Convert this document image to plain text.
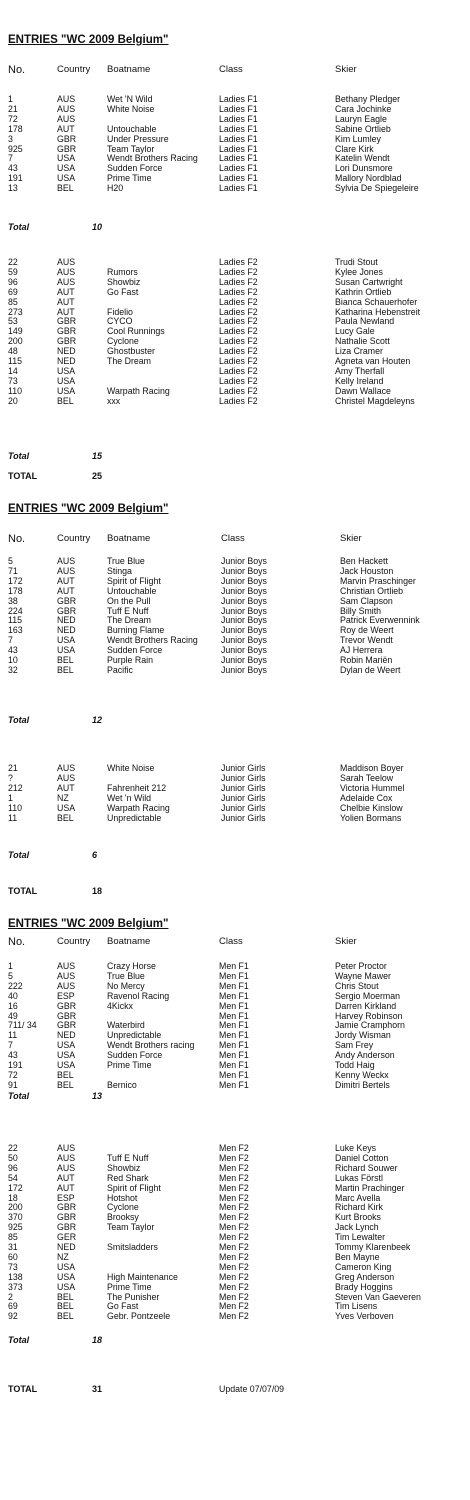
ENTRIES "WC 2009 Belgium"
No.	Country Boatname	Class	Skier
1	AUS	Wet 'N Wild	Ladies F1	Bethany Pledger
21	AUS	White Noise	Ladies F1	Cara Jochinke
72	AUS	Ladies F1	Lauryn Eagle
178	AUT	Untouchable	Ladies F1	Sabine Ortlieb
3	GBR	Under Pressure	Ladies F1	Kim Lumley
925	GBR	Team Taylor	Ladies F1	Clare Kirk
7	USA	Wendt Brothers Racing Ladies F1	Katelin Wendt
43	USA	Sudden Force	Ladies F1	Lori Dunsmore
191	USA	Prime Time	Ladies F1	Mallory Nordblad
13	BEL	H20	Ladies F1	Sylvia De Spiegeleire
Total	10
22	AUS	Ladies F2	Trudi Stout
59	AUS	Rumors	Ladies F2	Kylee Jones
96	AUS	Showbiz	Ladies F2	Susan Cartwright
69	AUT	Go Fast	Ladies F2	Kathrin Ortlieb
85	AUT	Ladies F2	Bianca Schauerhofer
273	AUT	Fidelio	Ladies F2	Katharina Hebenstreit
53	GBR	CYCO	Ladies F2	Paula Newland
149	GBR	Cool Runnings	Ladies F2	Lucy Gale
200	GBR	Cyclone	Ladies F2	Nathalie Scott
48	NED	Ghostbuster	Ladies F2	Liza Cramer
115	NED	The Dream	Ladies F2	Agneta van Houten
14	USA	Ladies F2	Amy Therfall
73	USA	Ladies F2	Kelly Ireland
110	USA	Warpath Racing	Ladies F2	Dawn Wallace
20	BEL	xxx	Ladies F2	Christel Magdeleyns
Total	15
TOTAL	25
ENTRIES "WC 2009 Belgium"
No.	Country Boatname	Class	Skier
5	AUS	True Blue	Junior Boys	Ben Hackett
71	AUS	Stinga	Junior Boys	Jack Houston
172	AUT	Spirit of Flight	Junior Boys	Marvin Praschinger
178	AUT	Untouchable	Junior Boys	Christian Ortlieb
38	GBR	On the Pull	Junior Boys	Sam Clapson
224	GBR	Tuff E Nuff	Junior Boys	Billy Smith
115	NED	The Dream	Junior Boys	Patrick Everwennink
163	NED	Burning Flame	Junior Boys	Roy de Weert
7	USA	Wendt Brothers Racing	Junior Boys	Trevor Wendt
43	USA	Sudden Force	Junior Boys	AJ Herrera
10	BEL	Purple Rain	Junior Boys	Robin Mariën
32	BEL	Pacific	Junior Boys	Dylan de Weert
Total	12
21	AUS	White Noise	Junior Girls	Maddison Boyer
?	AUS	Junior Girls	Sarah Teelow
212	AUT	Fahrenheit 212	Junior Girls	Victoria Hummel
1	NZ	Wet 'n Wild	Junior Girls	Adelaide Cox
110	USA	Warpath Racing	Junior Girls	Chelbie Kinslow
11	BEL	Unpredictable	Junior Girls	Yolien Bormans
Total	6
TOTAL	18
ENTRIES "WC 2009 Belgium"
No.	Country Boatname	Class	Skier
1	AUS	Crazy Horse	Men F1	Peter Proctor
5	AUS	True Blue	Men F1	Wayne Mawer
222	AUS	No Mercy	Men F1	Chris Stout
40	ESP	Ravenol Racing	Men F1	Sergio Moerman
16	GBR	4Kickx	Men F1	Darren Kirkland
49	GBR	Men F1	Harvey Robinson
711/ 34 GBR	Waterbird	Men F1	Jamie Cramphorn
11	NED	Unpredictable	Men F1	Jordy Wisman
7	USA	Wendt Brothers racing	Men F1	Sam Frey
43	USA	Sudden Force	Men F1	Andy Anderson
191	USA	Prime Time	Men F1	Todd Haig
72	BEL	Men F1	Kenny Weckx
91	BEL	Bernico	Men F1	Dimitri Bertels
Total	13
22	AUS	Men F2	Luke Keys
50	AUS	Tuff E Nuff	Men F2	Daniel Cotton
96	AUS	Showbiz	Men F2	Richard Souwer
54	AUT	Red Shark	Men F2	Lukas Förstl
172	AUT	Spirit of Flight	Men F2	Martin Prachinger
18	ESP	Hotshot	Men F2	Marc Avella
200	GBR	Cyclone	Men F2	Richard Kirk
370	GBR	Brooksy	Men F2	Kurt Brooks
925	GBR	Team Taylor	Men F2	Jack Lynch
85	GER	Men F2	Tim Lewalter
31	NED	Smitsladders	Men F2	Tommy Klarenbeek
60	NZ	Men F2	Ben Mayne
73	USA	Men F2	Cameron King
138	USA	High Maintenance	Men F2	Greg Anderson
373	USA	Prime Time	Men F2	Brady Hoggins
2	BEL	The Punisher	Men F2	Steven Van Gaeveren
69	BEL	Go Fast	Men F2	Tim Lisens
92	BEL	Gebr. Pontzeele	Men F2	Yves Verboven
Total	18
TOTAL	31	Update 07/07/09
